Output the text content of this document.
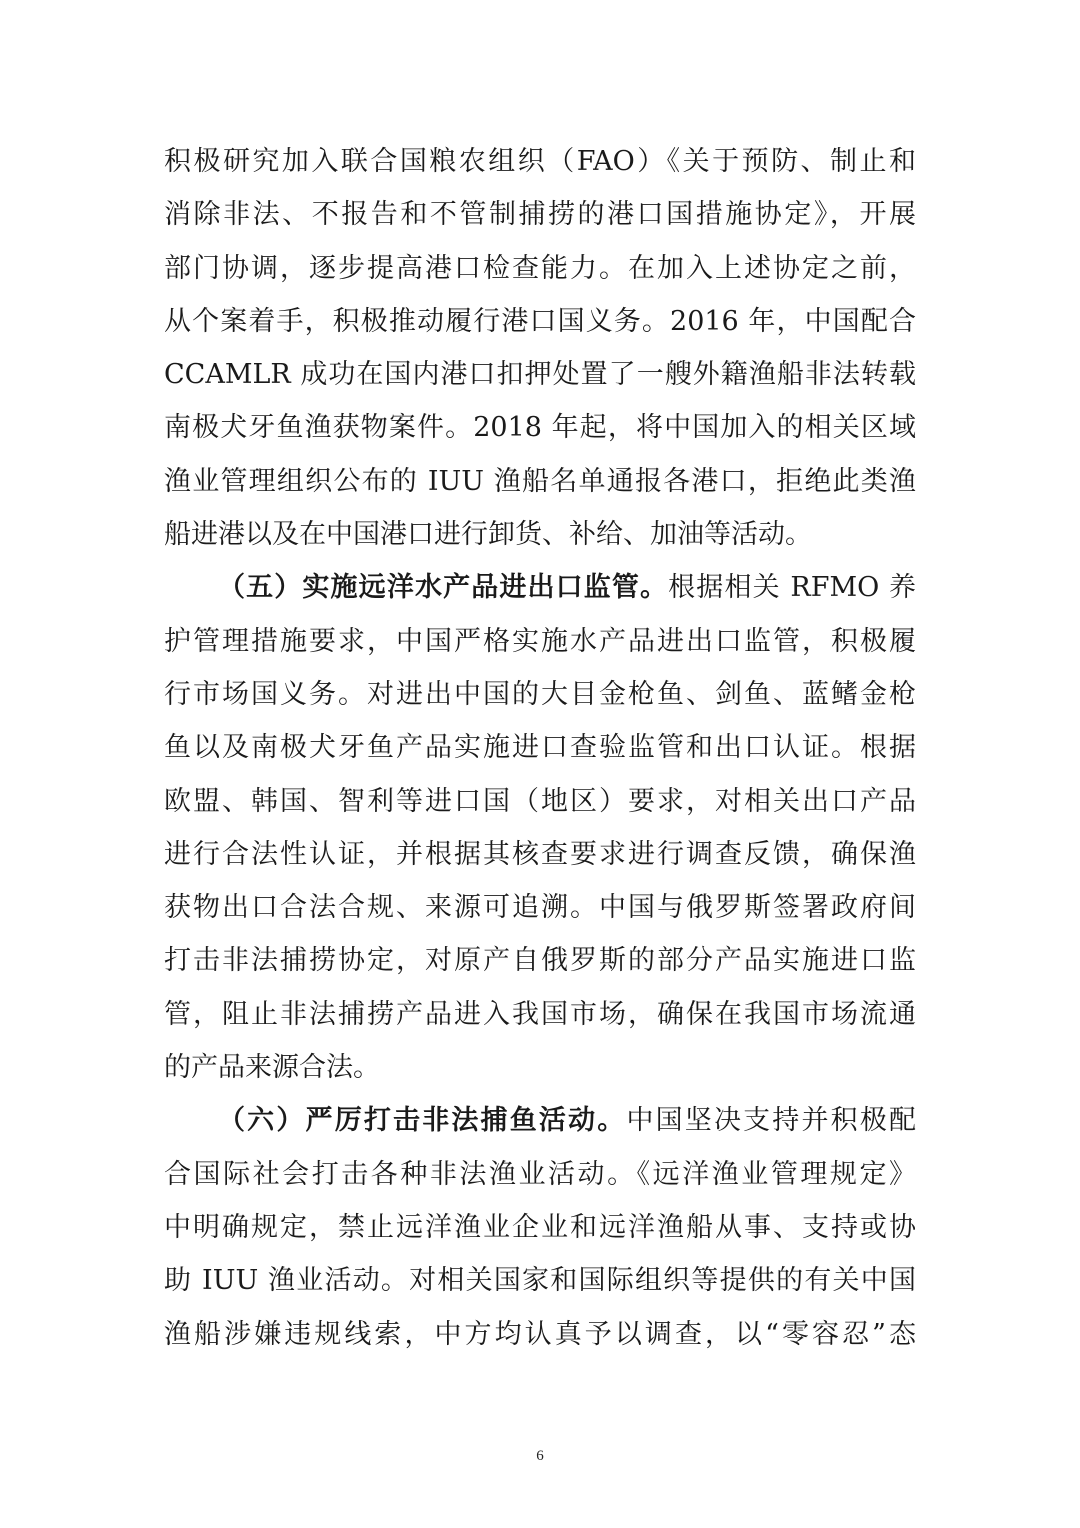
积极研究加入联合国粮农组织（FAO）《关于预防、制止和
消除非法、不报告和不管制捕捞的港口国措施协定》，开展
部门协调，逐步提高港口检查能力。在加入上述协定之前，
从个案着手，积极推动履行港口国义务。2016 年，中国配合
CCAMLR 成功在国内港口扣押处置了一艘外籍渔船非法转载
南极犬牙鱼渔获物案件。2018 年起，将中国加入的相关区域
渔业管理组织公布的 IUU 渔船名单通报各港口，拒绝此类渔
船进港以及在中国港口进行卸货、补给、加油等活动。
（五）实施远洋水产品进出口监管。根据相关 RFMO 养
护管理措施要求，中国严格实施水产品进出口监管，积极履
行市场国义务。对进出中国的大目金枪鱼、剑鱼、蓝鳍金枪
鱼以及南极犬牙鱼产品实施进口查验监管和出口认证。根据
欧盟、韩国、智利等进口国（地区）要求，对相关出口产品
进行合法性认证，并根据其核查要求进行调查反馈，确保渔
获物出口合法合规、来源可追溯。中国与俄罗斯签署政府间
打击非法捕捞协定，对原产自俄罗斯的部分产品实施进口监
管，阻止非法捕捞产品进入我国市场，确保在我国市场流通
的产品来源合法。
（六）严厉打击非法捕鱼活动。中国坚决支持并积极配
合国际社会打击各种非法渔业活动。《远洋渔业管理规定》
中明确规定，禁止远洋渔业企业和远洋渔船从事、支持或协
助 IUU 渔业活动。对相关国家和国际组织等提供的有关中国
渔船涉嫌违规线索，中方均认真予以调查，以“零容忍”态
6
